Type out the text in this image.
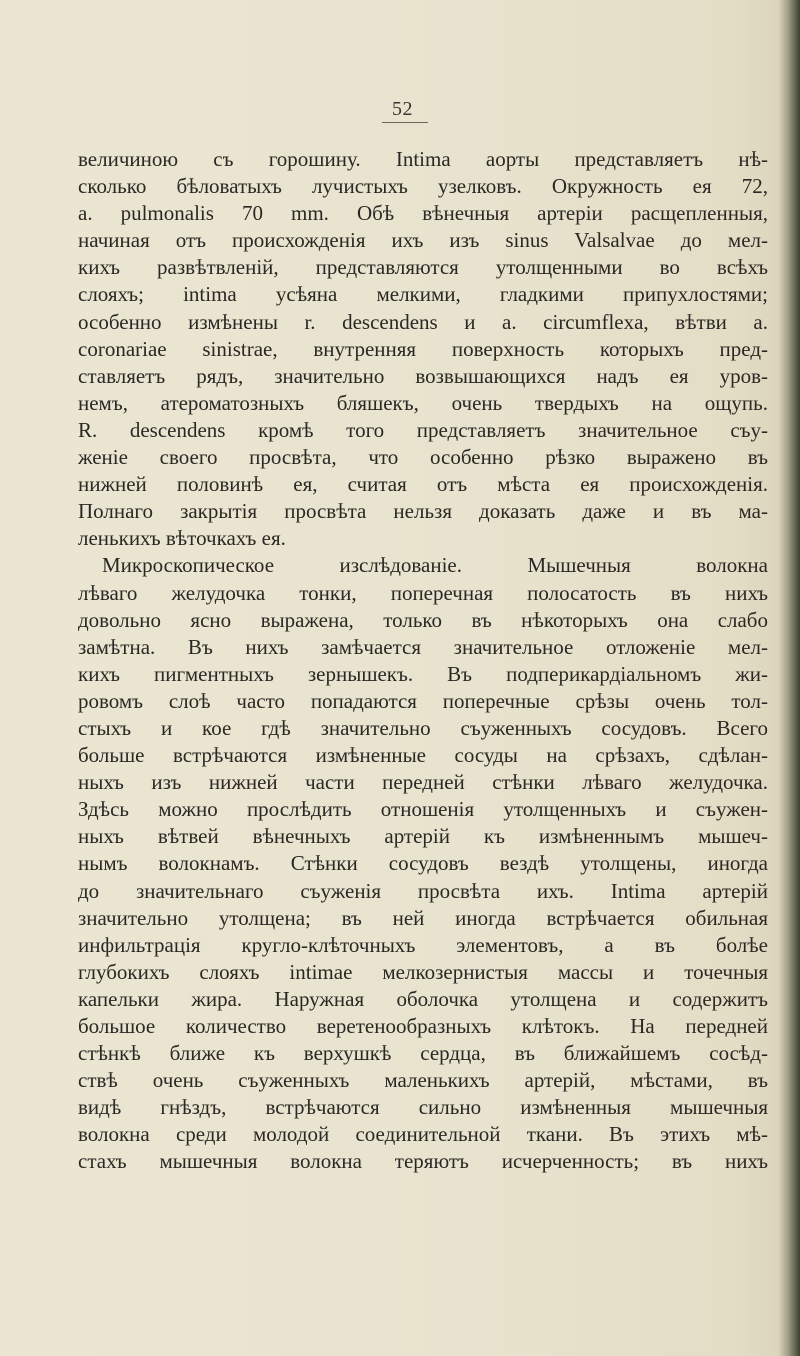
52
величиною съ горошину. Intima аорты представляетъ нѣ-
сколько бѣловатыхъ лучистыхъ узелковъ. Окружность ея 72,
a. pulmonalis 70 mm. Обѣ вѣнечныя артеріи расщепленныя,
начиная отъ происхожденія ихъ изъ sinus Valsalvae до мел-
кихъ развѣтвленій, представляются утолщенными во всѣхъ
слояхъ; intima усѣяна мелкими, гладкими припухлостями;
особенно измѣнены r. descendens и a. circumflexa, вѣтви a.
coronariae sinistrae, внутренняя поверхность которыхъ пред-
ставляетъ рядъ, значительно возвышающихся надъ ея уров-
немъ, атероматозныхъ бляшекъ, очень твердыхъ на ощупь.
R. descendens кромѣ того представляетъ значительное съу-
женіе своего просвѣта, что особенно рѣзко выражено въ
нижней половинѣ ея, считая отъ мѣста ея происхожденія.
Полнаго закрытія просвѣта нельзя доказать даже и въ ма-
ленькихъ вѣточкахъ ея.
Микроскопическое изслѣдованіе. Мышечныя волокна
лѣваго желудочка тонки, поперечная полосатость въ нихъ
довольно ясно выражена, только въ нѣкоторыхъ она слабо
замѣтна. Въ нихъ замѣчается значительное отложеніе мел-
кихъ пигментныхъ зернышекъ. Въ подперикардіальномъ жи-
ровомъ слоѣ часто попадаются поперечные срѣзы очень тол-
стыхъ и кое гдѣ значительно съуженныхъ сосудовъ. Всего
больше встрѣчаются измѣненные сосуды на срѣзахъ, сдѣлан-
ныхъ изъ нижней части передней стѣнки лѣваго желудочка.
Здѣсь можно прослѣдить отношенія утолщенныхъ и съужен-
ныхъ вѣтвей вѣнечныхъ артерій къ измѣненнымъ мышеч-
нымъ волокнамъ. Стѣнки сосудовъ вездѣ утолщены, иногда
до значительнаго съуженія просвѣта ихъ. Intima артерій
значительно утолщена; въ ней иногда встрѣчается обильная
инфильтрація кругло-клѣточныхъ элементовъ, а въ болѣе
глубокихъ слояхъ intimae мелкозернистыя массы и точечныя
капельки жира. Наружная оболочка утолщена и содержитъ
большое количество веретенообразныхъ клѣтокъ. На передней
стѣнкѣ ближе къ верхушкѣ сердца, въ ближайшемъ сосѣд-
ствѣ очень съуженныхъ маленькихъ артерій, мѣстами, въ
видѣ гнѣздъ, встрѣчаются сильно измѣненныя мышечныя
волокна среди молодой соединительной ткани. Въ этихъ мѣ-
стахъ мышечныя волокна теряютъ исчерченность; въ нихъ
